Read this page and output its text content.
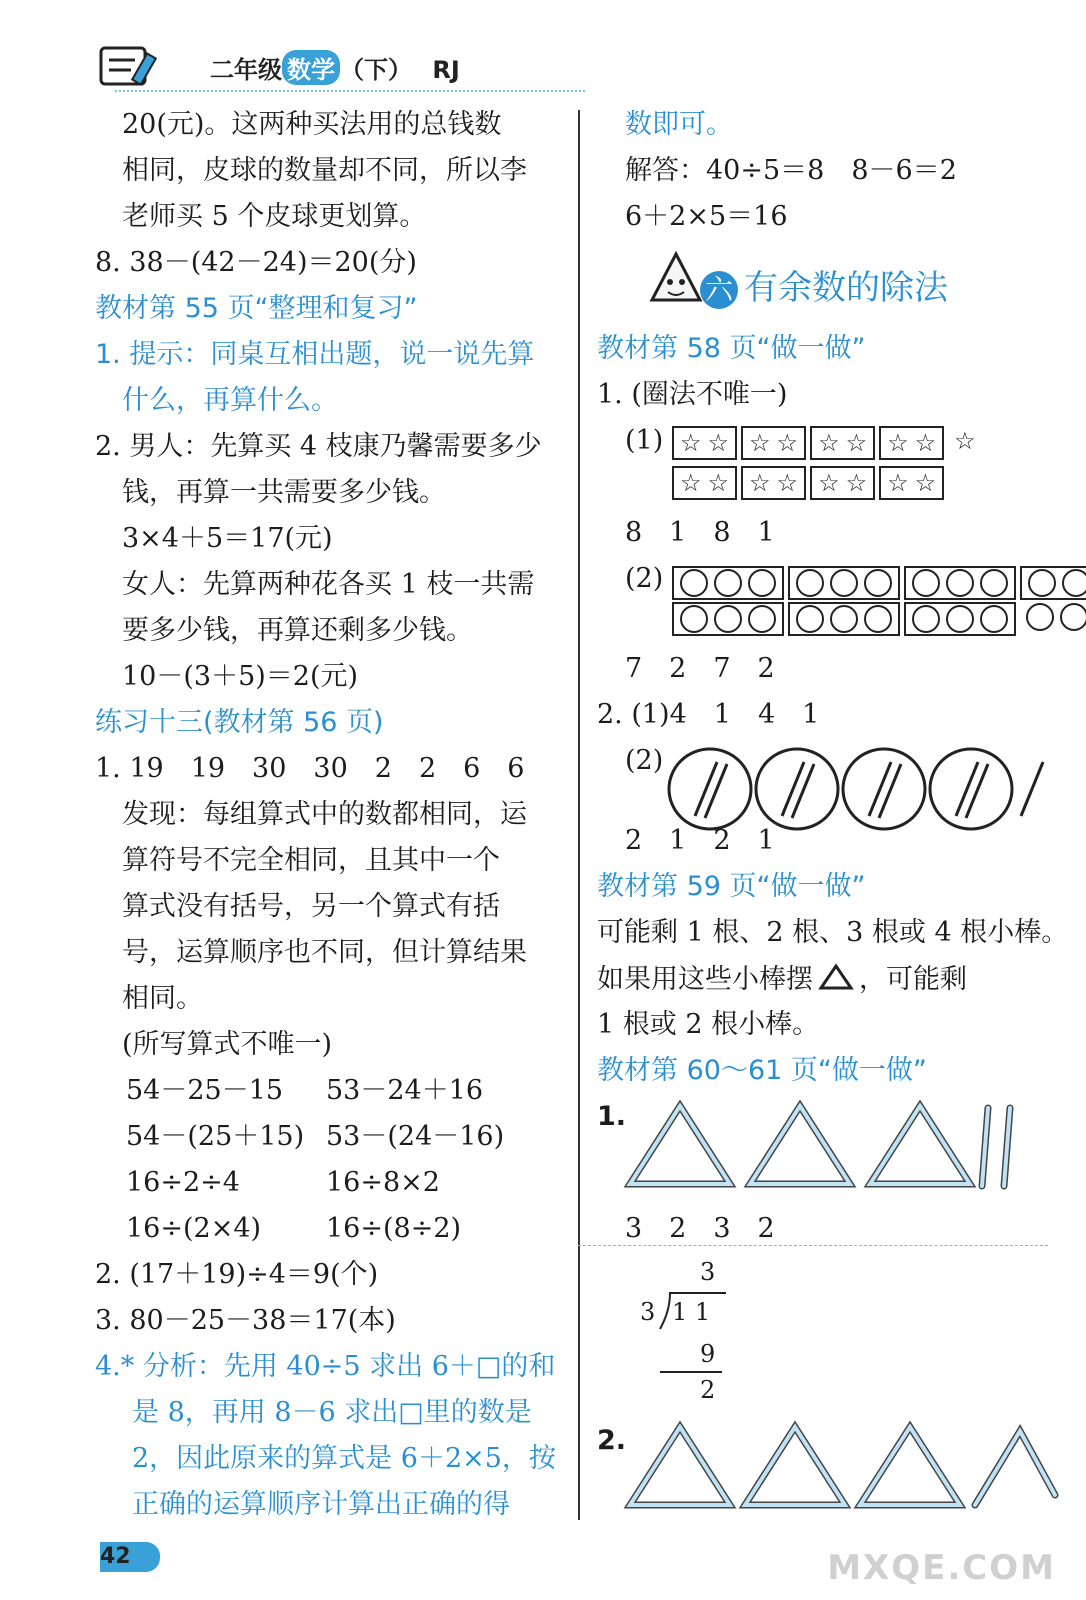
二年级 数学 （下） RJ
20(元)。这两种买法用的总钱数
相同，皮球的数量却不同，所以李
老师买 5 个皮球更划算。
8. 38－(42－24)＝20(分)
教材第 55 页“整理和复习”
1. 提示：同桌互相出题，说一说先算
什么，再算什么。
2. 男人：先算买 4 枝康乃馨需要多少
钱，再算一共需要多少钱。
3×4＋5＝17(元)
女人：先算两种花各买 1 枝一共需
要多少钱，再算还剩多少钱。
10－(3＋5)＝2(元)
练习十三(教材第 56 页)
1. 19　19　30　30　2　2　6　6
发现：每组算式中的数都相同，运
算符号不完全相同，且其中一个
算式没有括号，另一个算式有括
号，运算顺序也不同，但计算结果
相同。
(所写算式不唯一)
54－25－15 53－24＋16
54－(25＋15) 53－(24－16)
16÷2÷4	16÷8×2
16÷(2×4) 16÷(8÷2)
2. (17＋19)÷4＝9(个)
3. 80－25－38＝17(本)
4.* 分析：先用 40÷5 求出 6＋□的和
是 8，再用 8－6 求出□里的数是
2，因此原来的算式是 6＋2×5，按
正确的运算顺序计算出正确的得
数即可。
解答：40÷5＝8　8－6＝2
6＋2×5＝16
六 有余数的除法
教材第 58 页“做一做”
1. (圈法不唯一)
(1) ☆ ☆ ☆ ☆ ☆ ☆ ☆ ☆ ☆
☆ ☆ ☆ ☆ ☆ ☆ ☆ ☆
8　1　8　1
(2)
7　2　7　2
2. (1)4　1　4　1
(2)
2　1　2　1
教材第 59 页“做一做”
可能剩 1 根、2 根、3 根或 4 根小棒。
如果用这些小棒摆 ，可能剩
1 根或 2 根小棒。
教材第 60～61 页“做一做”
1.
3　2　3　2
3
3 1 1
9
2
2.
42	MXQE.COM
